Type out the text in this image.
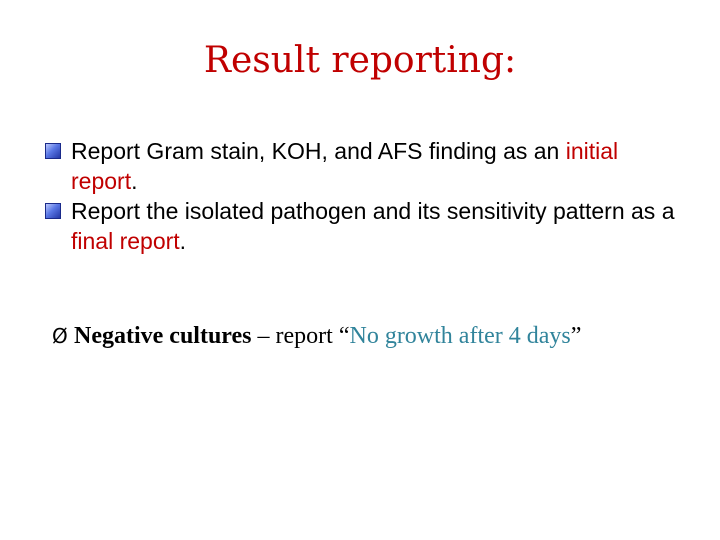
Result reporting:
Report Gram stain, KOH, and AFS finding as an initial report.
Report the isolated pathogen and its sensitivity pattern as a final report.
Ø Negative cultures – report “No growth after 4 days”
